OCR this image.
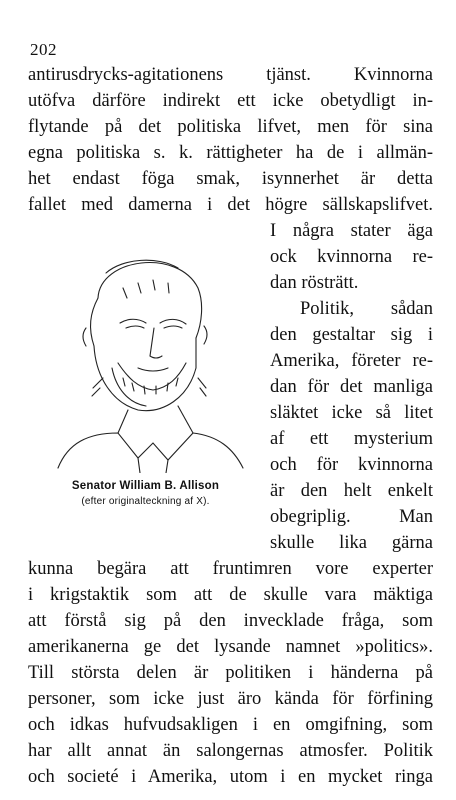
202
antirusdrycks-agitationens tjänst. Kvinnorna
utöfva därföre indirekt ett icke obetydligt in-
flytande på det politiska lifvet, men för sina
egna politiska s. k. rättigheter ha de i allmän-
het endast föga smak, isynnerhet är detta
fallet med damerna i det högre sällskapslifvet.
Senator William B. Allison
(efter originalteckning af X).
I några stater äga
ock kvinnorna re-
dan rösträtt.
Politik, sådan
den gestaltar sig i
Amerika, företer re-
dan för det manliga
släktet icke så litet
af ett mysterium
och för kvinnorna
är den helt enkelt
obegriplig. Man
skulle lika gärna
kunna begära att fruntimren vore experter
i krigstaktik som att de skulle vara mäktiga
att förstå sig på den invecklade fråga, som
amerikanerna ge det lysande namnet »politics».
Till största delen är politiken i händerna på
personer, som icke just äro kända för förfining
och idkas hufvudsakligen i en omgifning, som
har allt annat än salongernas atmosfer. Politik
och societé i Amerika, utom i en mycket ringa
